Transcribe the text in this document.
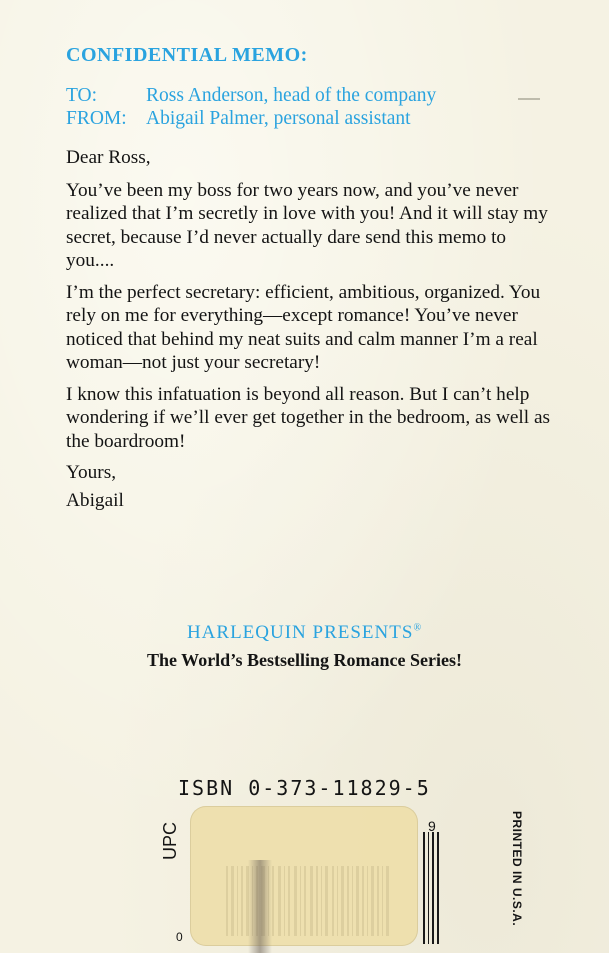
CONFIDENTIAL MEMO:
TO:	Ross Anderson, head of the company
FROM: Abigail Palmer, personal assistant

Dear Ross,

You’ve been my boss for two years now, and you’ve never realized that I’m secretly in love with you! And it will stay my secret, because I’d never actually dare send this memo to you....

I’m the perfect secretary: efficient, ambitious, organized. You rely on me for everything—except romance! You’ve never noticed that behind my neat suits and calm manner I’m a real woman—not just your secretary!

I know this infatuation is beyond all reason. But I can’t help wondering if we’ll ever get together in the bedroom, as well as the boardroom!

Yours,

Abigail

HARLEQUIN PRESENTS®
The World’s Bestselling Romance Series!
ISBN 0-373-11829-5
UPC
0
9	PRINTED IN U.S.A.
